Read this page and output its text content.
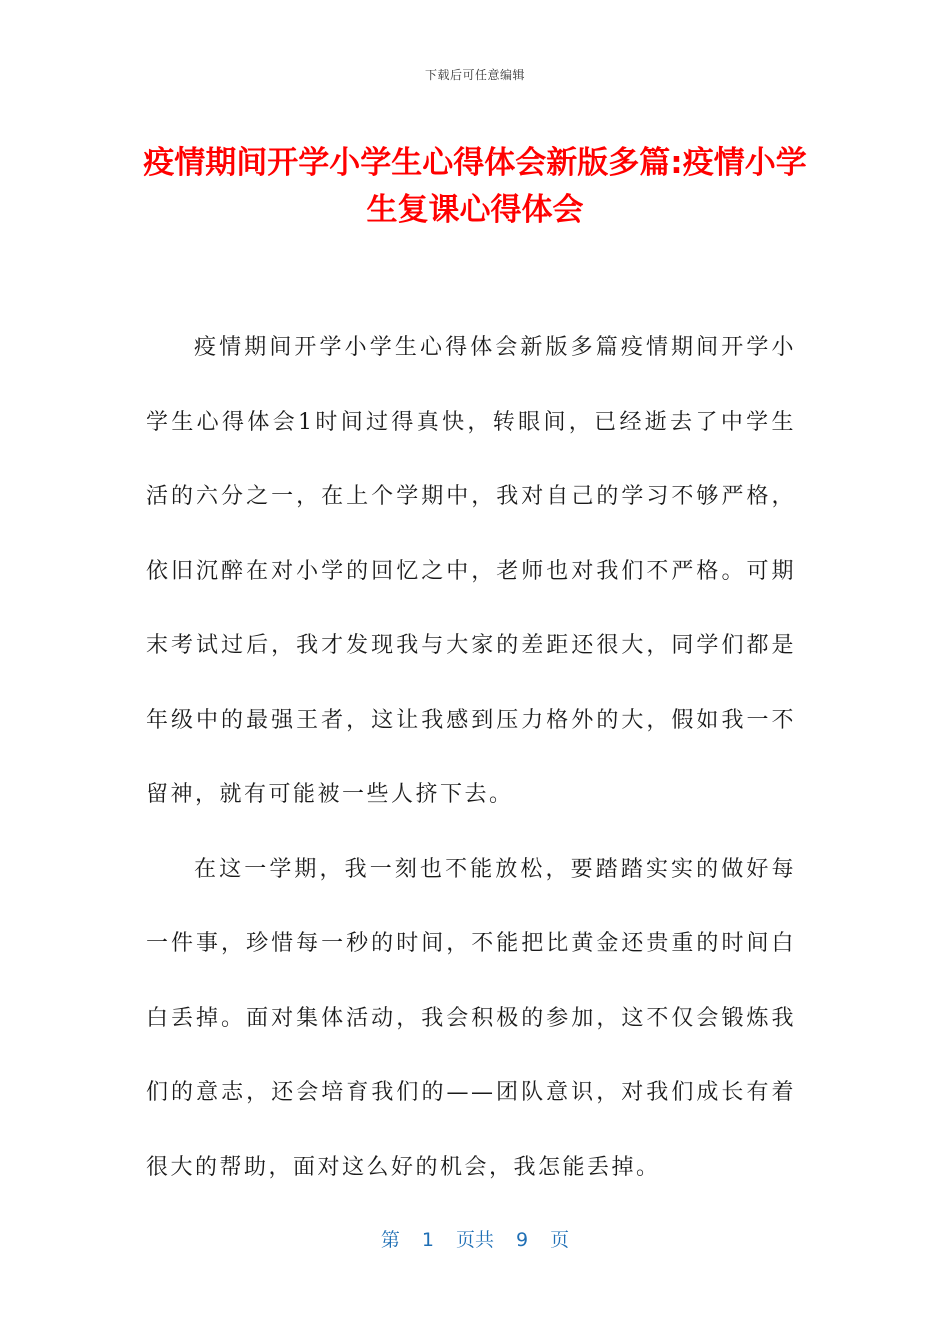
下载后可任意编辑
疫情期间开学小学生心得体会新版多篇:疫情小学生复课心得体会

疫情期间开学小学生心得体会新版多篇疫情期间开学小学生心得体会1时间过得真快，转眼间，已经逝去了中学生活的六分之一，在上个学期中，我对自己的学习不够严格，依旧沉醉在对小学的回忆之中，老师也对我们不严格。可期末考试过后，我才发现我与大家的差距还很大，同学们都是年级中的最强王者，这让我感到压力格外的大，假如我一不留神，就有可能被一些人挤下去。

在这一学期，我一刻也不能放松，要踏踏实实的做好每一件事，珍惜每一秒的时间，不能把比黄金还贵重的时间白白丢掉。面对集体活动，我会积极的参加，这不仅会锻炼我们的意志，还会培育我们的——团队意识，对我们成长有着很大的帮助，面对这么好的机会，我怎能丢掉。

第 1 页共 9 页
